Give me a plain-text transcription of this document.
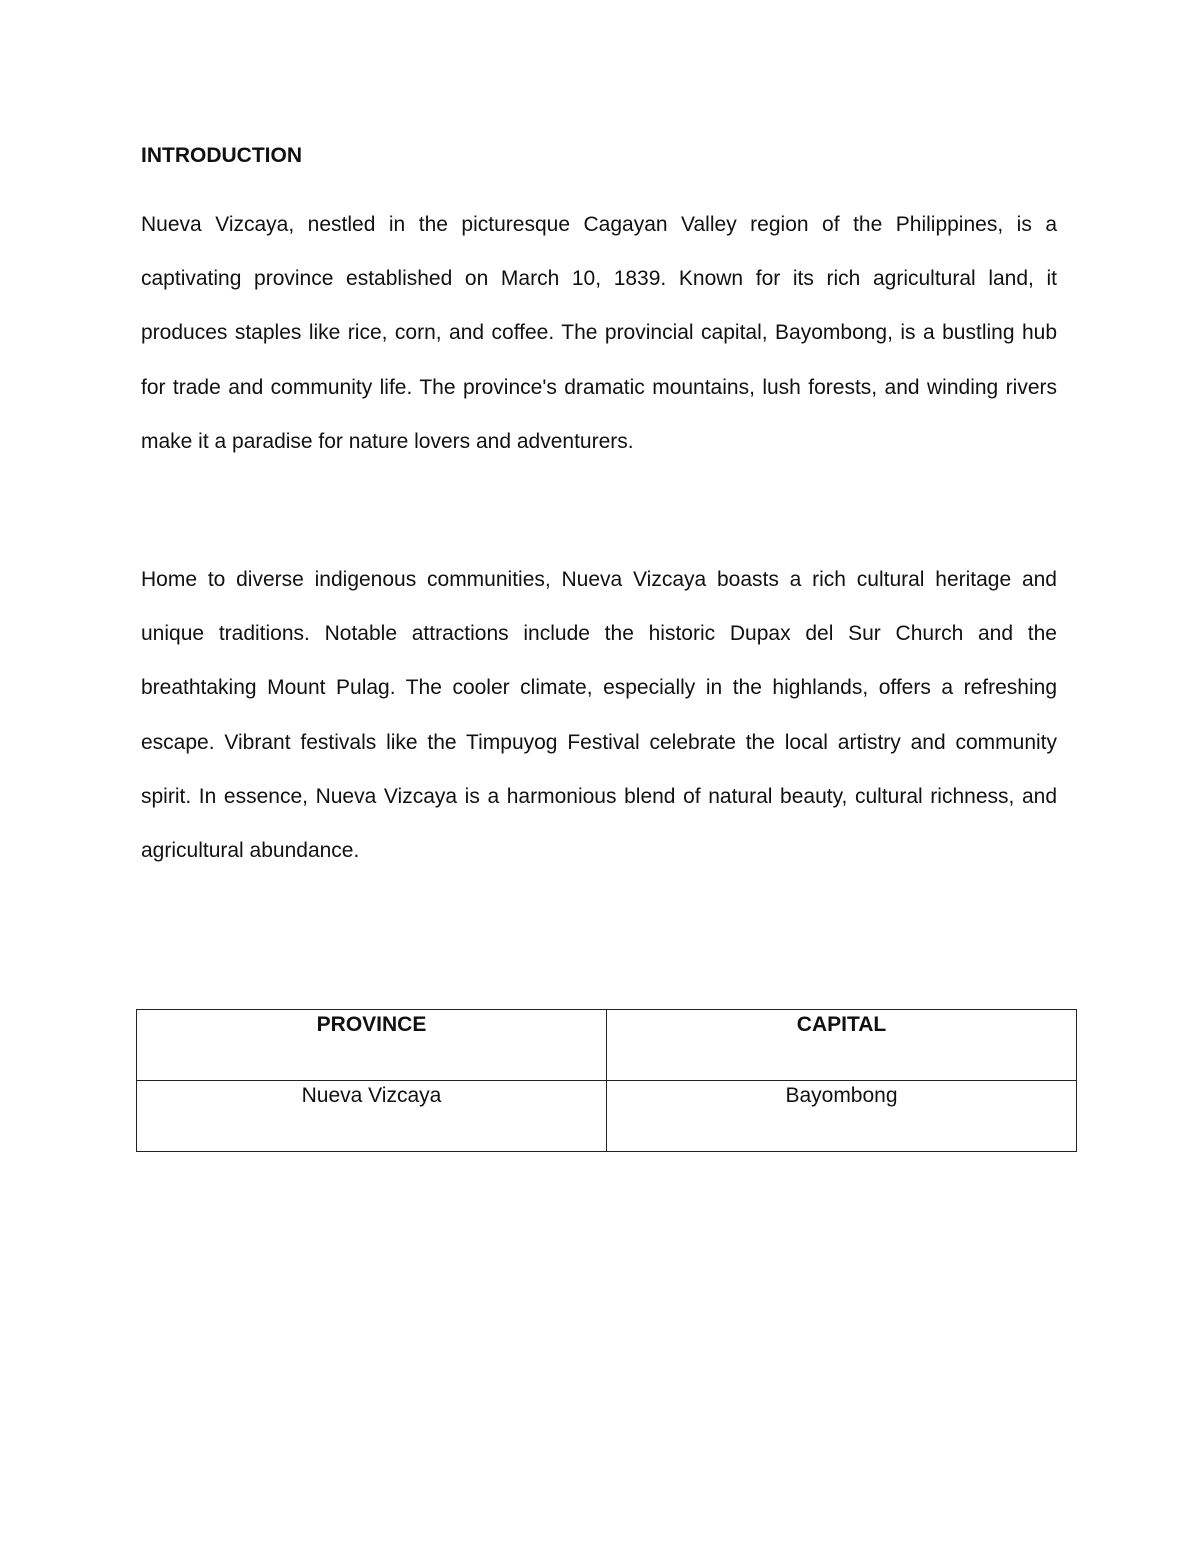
INTRODUCTION

Nueva Vizcaya, nestled in the picturesque Cagayan Valley region of the Philippines, is a captivating province established on March 10, 1839. Known for its rich agricultural land, it produces staples like rice, corn, and coffee. The provincial capital, Bayombong, is a bustling hub for trade and community life. The province's dramatic mountains, lush forests, and winding rivers make it a paradise for nature lovers and adventurers.

Home to diverse indigenous communities, Nueva Vizcaya boasts a rich cultural heritage and unique traditions. Notable attractions include the historic Dupax del Sur Church and the breathtaking Mount Pulag. The cooler climate, especially in the highlands, offers a refreshing escape. Vibrant festivals like the Timpuyog Festival celebrate the local artistry and community spirit. In essence, Nueva Vizcaya is a harmonious blend of natural beauty, cultural richness, and agricultural abundance.

PROVINCE	CAPITAL

Nueva Vizcaya	Bayombong
